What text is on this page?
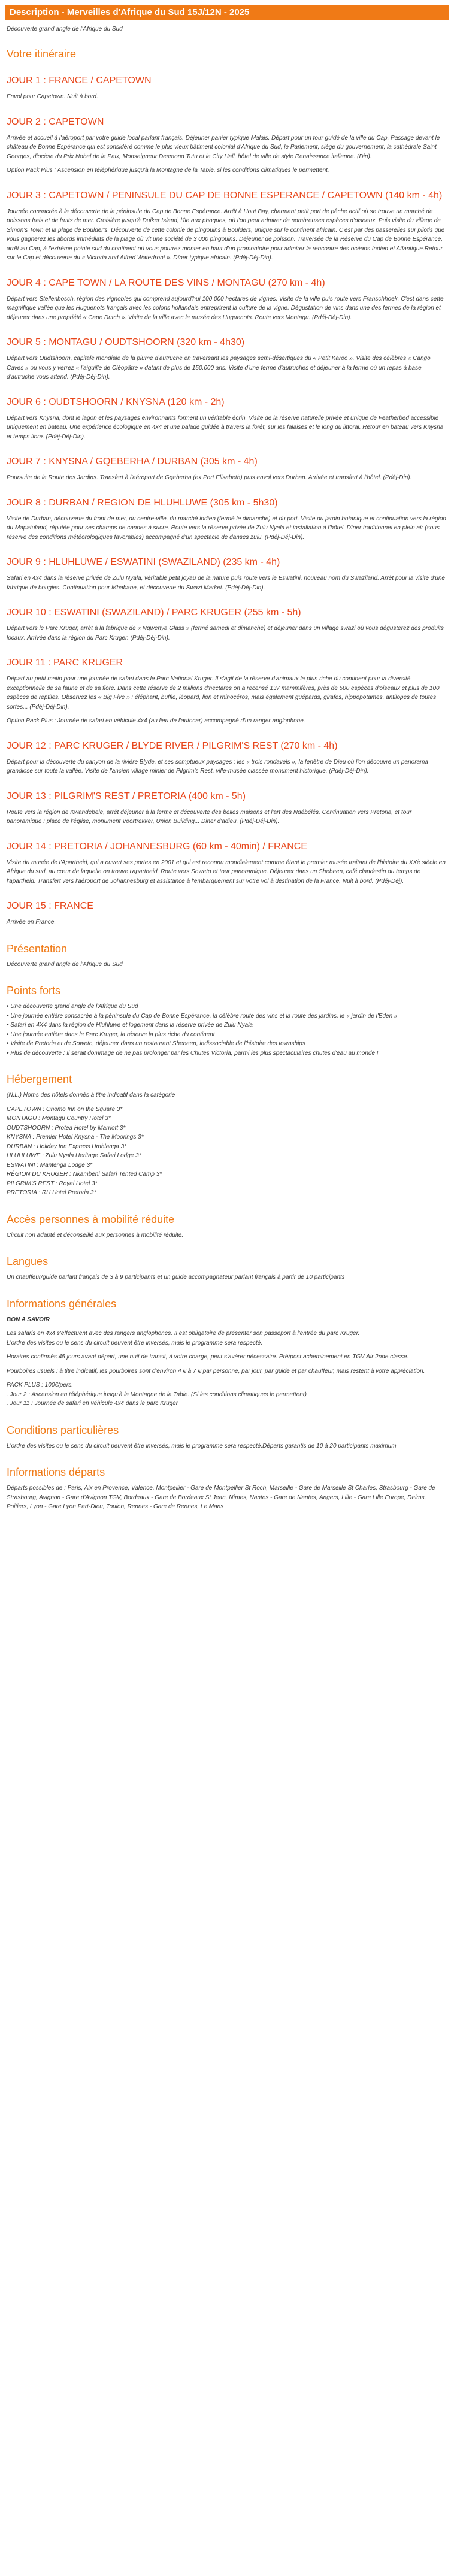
Description - Merveilles d'Afrique du Sud 15J/12N - 2025
Découverte grand angle de l'Afrique du Sud
Votre itinéraire
JOUR 1 : FRANCE / CAPETOWN

Envol pour Capetown. Nuit à bord.

JOUR 2 : CAPETOWN

Arrivée et accueil à l'aéroport par votre guide local parlant français. Déjeuner panier typique Malais. Départ pour un tour guidé de la ville du Cap. Passage devant le château de Bonne Espérance qui est considéré comme le plus vieux bâtiment colonial d'Afrique du Sud, le Parlement, siège du gouvernement, la cathédrale Saint Georges, diocèse du Prix Nobel de la Paix, Monseigneur Desmond Tutu et le City Hall, hôtel de ville de style Renaissance italienne. (Din).

Option Pack Plus : Ascension en téléphérique jusqu'à la Montagne de la Table, si les conditions climatiques le permettent.

JOUR 3 : CAPETOWN / PENINSULE DU CAP DE BONNE ESPERANCE / CAPETOWN (140 km - 4h)

Journée consacrée à la découverte de la péninsule du Cap de Bonne Espérance. Arrêt à Hout Bay, charmant petit port de pêche actif où se trouve un marché de poissons frais et de fruits de mer. Croisière jusqu'à Duiker Island, l'île aux phoques, où l'on peut admirer de nombreuses espèces d'oiseaux. Puis visite du village de Simon's Town et la plage de Boulder's. Découverte de cette colonie de pingouins à Boulders, unique sur le continent africain. C'est par des passerelles sur pilotis que vous gagnerez les abords immédiats de la plage où vit une société de 3 000 pingouins. Déjeuner de poisson. Traversée de la Réserve du Cap de Bonne Espérance, arrêt au Cap, à l'extrême pointe sud du continent où vous pourrez monter en haut d'un promontoire pour admirer la rencontre des océans Indien et Atlantique.Retour sur le Cap et découverte du « Victoria and Alfred Waterfront ». Dîner typique africain. (Pdéj-Déj-Din).

JOUR 4 : CAPE TOWN / LA ROUTE DES VINS / MONTAGU (270 km - 4h)

Départ vers Stellenbosch, région des vignobles qui comprend aujourd'hui 100 000 hectares de vignes. Visite de la ville puis route vers Franschhoek. C'est dans cette magnifique vallée que les Huguenots français avec les colons hollandais entreprirent la culture de la vigne. Dégustation de vins dans une des fermes de la région et déjeuner dans une propriété « Cape Dutch ». Visite de la ville avec le musée des Huguenots. Route vers Montagu. (Pdéj-Déj-Din).

JOUR 5 : MONTAGU / OUDTSHOORN (320 km - 4h30)

Départ vers Oudtshoorn, capitale mondiale de la plume d'autruche en traversant les paysages semi-désertiques du « Petit Karoo ». Visite des célèbres « Cango Caves » ou vous y verrez « l'aiguille de Cléopâtre » datant de plus de 150.000 ans. Visite d'une ferme d'autruches et déjeuner à la ferme où un repas à base d'autruche vous attend. (Pdéj-Déj-Din).

JOUR 6 : OUDTSHOORN / KNYSNA (120 km - 2h)

Départ vers Knysna, dont le lagon et les paysages environnants forment un véritable écrin. Visite de la réserve naturelle privée et unique de Featherbed accessible uniquement en bateau. Une expérience écologique en 4x4 et une balade guidée à travers la forêt, sur les falaises et le long du littoral. Retour en bateau vers Knysna et temps libre. (Pdéj-Déj-Din).

JOUR 7 : KNYSNA / GQEBERHA / DURBAN (305 km - 4h)

Poursuite de la Route des Jardins. Transfert à l'aéroport de Gqeberha (ex Port Elisabeth) puis envol vers Durban. Arrivée et transfert à l'hôtel. (Pdéj-Din).

JOUR 8 : DURBAN / REGION DE HLUHLUWE (305 km - 5h30)

Visite de Durban, découverte du front de mer, du centre-ville, du marché indien (fermé le dimanche) et du port. Visite du jardin botanique et continuation vers la région du Mapatuland, réputée pour ses champs de cannes à sucre. Route vers la réserve privée de Zulu Nyala et installation à l'hôtel. Dîner traditionnel en plein air (sous réserve des conditions météorologiques favorables) accompagné d'un spectacle de danses zulu. (Pdéj-Déj-Din).

JOUR 9 : HLUHLUWE / ESWATINI (SWAZILAND) (235 km - 4h)

Safari en 4x4 dans la réserve privée de Zulu Nyala, véritable petit joyau de la nature puis route vers le Eswatini, nouveau nom du Swaziland. Arrêt pour la visite d'une fabrique de bougies. Continuation pour Mbabane, et découverte du Swazi Market. (Pdéj-Déj-Din).

JOUR 10 : ESWATINI (SWAZILAND) / PARC KRUGER (255 km - 5h)

Départ vers le Parc Kruger, arrêt à la fabrique de « Ngwenya Glass » (fermé samedi et dimanche) et déjeuner dans un village swazi où vous dégusterez des produits locaux. Arrivée dans la région du Parc Kruger. (Pdéj-Déj-Din).

JOUR 11 : PARC KRUGER

Départ au petit matin pour une journée de safari dans le Parc National Kruger. Il s'agit de la réserve d'animaux la plus riche du continent pour la diversité exceptionnelle de sa faune et de sa flore. Dans cette réserve de 2 millions d'hectares on a recensé 137 mammifères, près de 500 espèces d'oiseaux et plus de 100 espèces de reptiles. Observez les « Big Five » : éléphant, buffle, léopard, lion et rhinocéros, mais également guépards, girafes, hippopotames, antilopes de toutes sortes... (Pdéj-Déj-Din).

Option Pack Plus : Journée de safari en véhicule 4x4 (au lieu de l'autocar) accompagné d'un ranger anglophone.

JOUR 12 : PARC KRUGER / BLYDE RIVER / PILGRIM'S REST (270 km - 4h)

Départ pour la découverte du canyon de la rivière Blyde, et ses somptueux paysages : les « trois rondavels », la fenêtre de Dieu où l'on découvre un panorama grandiose sur toute la vallée. Visite de l'ancien village minier de Pilgrim's Rest, ville-musée classée monument historique. (Pdéj-Déj-Din).

JOUR 13 : PILGRIM'S REST / PRETORIA (400 km - 5h)

Route vers la région de Kwandebele, arrêt déjeuner à la ferme et découverte des belles maisons et l'art des Ndébélés. Continuation vers Pretoria, et tour panoramique : place de l'église, monument Voortrekker, Union Building... Diner d'adieu. (Pdéj-Déj-Din).

JOUR 14 : PRETORIA / JOHANNESBURG (60 km - 40min) / FRANCE

Visite du musée de l'Apartheid, qui a ouvert ses portes en 2001 et qui est reconnu mondialement comme étant le premier musée traitant de l'histoire du XXè siècle en Afrique du sud, au cœur de laquelle on trouve l'apartheid. Route vers Soweto et tour panoramique. Déjeuner dans un Shebeen, café clandestin du temps de l'apartheid. Transfert vers l'aéroport de Johannesburg et assistance à l'embarquement sur votre vol à destination de la France. Nuit à bord. (Pdéj-Déj).

JOUR 15 : FRANCE

Arrivée en France.

Présentation

Découverte grand angle de l'Afrique du Sud

Points forts
• Une découverte grand angle de l'Afrique du Sud
• Une journée entière consacrée à la péninsule du Cap de Bonne Espérance, la célèbre route des vins et la route des jardins, le « jardin de l'Eden »
• Safari en 4X4 dans la région de Hluhluwe et logement dans la réserve privée de Zulu Nyala
• Une journée entière dans le Parc Kruger, la réserve la plus riche du continent
• Visite de Pretoria et de Soweto, déjeuner dans un restaurant Shebeen, indissociable de l'histoire des townships
• Plus de découverte : Il serait dommage de ne pas prolonger par les Chutes Victoria, parmi les plus spectaculaires chutes d'eau au monde !
Hébergement

(N.L.) Noms des hôtels donnés à titre indicatif dans la catégorie

CAPETOWN : Onomo Inn on the Square 3*
MONTAGU : Montagu Country Hotel 3*
OUDTSHOORN : Protea Hotel by Marriott 3*
KNYSNA : Premier Hotel Knysna - The Moorings 3*
DURBAN : Holiday Inn Express Umhlanga 3*
HLUHLUWE : Zulu Nyala Heritage Safari Lodge 3*
ESWATINI : Mantenga Lodge 3*
RÉGION DU KRUGER : Nkambeni Safari Tented Camp 3*
PILGRIM'S REST : Royal Hotel 3*
PRETORIA : RH Hotel Pretoria 3*
Accès personnes à mobilité réduite

Circuit non adapté et déconseillé aux personnes à mobilité réduite.

Langues

Un chauffeur/guide parlant français de 3 à 9 participants et un guide accompagnateur parlant français à partir de 10 participants

Informations générales

BON A SAVOIR

Les safaris en 4x4 s'effectuent avec des rangers anglophones. Il est obligatoire de présenter son passeport à l'entrée du parc Kruger.
L'ordre des visites ou le sens du circuit peuvent être inversés, mais le programme sera respecté.

Horaires confirmés 45 jours avant départ, une nuit de transit, à votre charge, peut s'avérer nécessaire. Pré/post acheminement en TGV Air 2nde classe.

Pourboires usuels : à titre indicatif, les pourboires sont d'environ 4 € à 7 € par personne, par jour, par guide et par chauffeur, mais restent à votre appréciation.

PACK PLUS : 100€/pers.
. Jour 2 : Ascension en téléphérique jusqu'à la Montagne de la Table. (Si les conditions climatiques le permettent)
. Jour 11 : Journée de safari en véhicule 4x4 dans le parc Kruger

Conditions particulières

L'ordre des visites ou le sens du circuit peuvent être inversés, mais le programme sera respecté.Départs garantis de 10 à 20 participants maximum

Informations départs

Départs possibles de : Paris, Aix en Provence, Valence, Montpellier - Gare de Montpellier St Roch, Marseille - Gare de Marseille St Charles, Strasbourg - Gare de Strasbourg, Avignon - Gare d'Avignon TGV, Bordeaux - Gare de Bordeaux St Jean, Nîmes, Nantes - Gare de Nantes, Angers, Lille - Gare Lille Europe, Reims, Poitiers, Lyon - Gare Lyon Part-Dieu, Toulon, Rennes - Gare de Rennes, Le Mans
